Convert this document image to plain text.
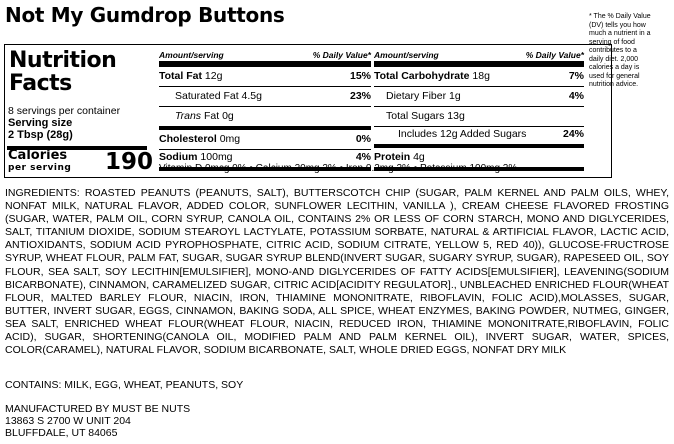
Not My Gumdrop Buttons
Nutrition
Facts
8 servings per container
Serving size
2 Tbsp (28g)
Calories
per serving 190
Amount/serving	% Daily Value*
Total Fat 12g	15%
Saturated Fat 4.5g	23%
Trans Fat 0g
Cholesterol 0mg	0%
Sodium 100mg	4%
Amount/serving	% Daily Value*
Total Carbohydrate 18g	7%
Dietary Fiber 1g	4%
Total Sugars 13g
Includes 12g Added Sugars	24%
Protein 4g
Vitamin D 0mcg 0% • Calcium 20mg 2% • Iron 0.2mg 2% • Potassium 100mg 2%
* The % Daily Value (DV) tells you how much a nutrient in a serving of food contributes to a daily diet. 2,000 calories a day is used for general nutrition advice.
INGREDIENTS: ROASTED PEANUTS (PEANUTS, SALT), BUTTERSCOTCH CHIP (SUGAR, PALM KERNEL AND PALM OILS, WHEY, NONFAT MILK, NATURAL FLAVOR, ADDED COLOR, SUNFLOWER LECITHIN, VANILLA ), CREAM CHEESE FLAVORED FROSTING (SUGAR, WATER, PALM OIL, CORN SYRUP, CANOLA OIL, CONTAINS 2% OR LESS OF CORN STARCH, MONO AND DIGLYCERIDES, SALT, TITANIUM DIOXIDE, SODIUM STEAROYL LACTYLATE, POTASSIUM SORBATE, NATURAL & ARTIFICIAL FLAVOR, LACTIC ACID, ANTIOXIDANTS, SODIUM ACID PYROPHOSPHATE, CITRIC ACID, SODIUM CITRATE, YELLOW 5, RED 40)), GLUCOSE-FRUCTROSE SYRUP, WHEAT FLOUR, PALM FAT, SUGAR, SUGAR SYRUP BLEND(INVERT SUGAR, SUGARY SYRUP, SUGAR), RAPESEED OIL, SOY FLOUR, SEA SALT, SOY LECITHIN[EMULSIFIER], MONO-AND DIGLYCERIDES OF FATTY ACIDS[EMULSIFIER], LEAVENING(SODIUM BICARBONATE), CINNAMON, CARAMELIZED SUGAR, CITRIC ACID[ACIDITY REGULATOR]., UNBLEACHED ENRICHED FLOUR(WHEAT FLOUR, MALTED BARLEY FLOUR, NIACIN, IRON, THIAMINE MONONITRATE, RIBOFLAVIN, FOLIC ACID),MOLASSES, SUGAR, BUTTER, INVERT SUGAR, EGGS, CINNAMON, BAKING SODA, ALL SPICE, WHEAT ENZYMES, BAKING POWDER, NUTMEG, GINGER, SEA SALT, ENRICHED WHEAT FLOUR(WHEAT FLOUR, NIACIN, REDUCED IRON, THIAMINE MONONITRATE,RIBOFLAVIN, FOLIC ACID), SUGAR, SHORTENING(CANOLA OIL, MODIFIED PALM AND PALM KERNEL OIL), INVERT SUGAR, WATER, SPICES, COLOR(CARAMEL), NATURAL FLAVOR, SODIUM BICARBONATE, SALT, WHOLE DRIED EGGS, NONFAT DRY MILK
CONTAINS: MILK, EGG, WHEAT, PEANUTS, SOY
MANUFACTURED BY MUST BE NUTS
13863 S 2700 W UNIT 204
BLUFFDALE, UT 84065
